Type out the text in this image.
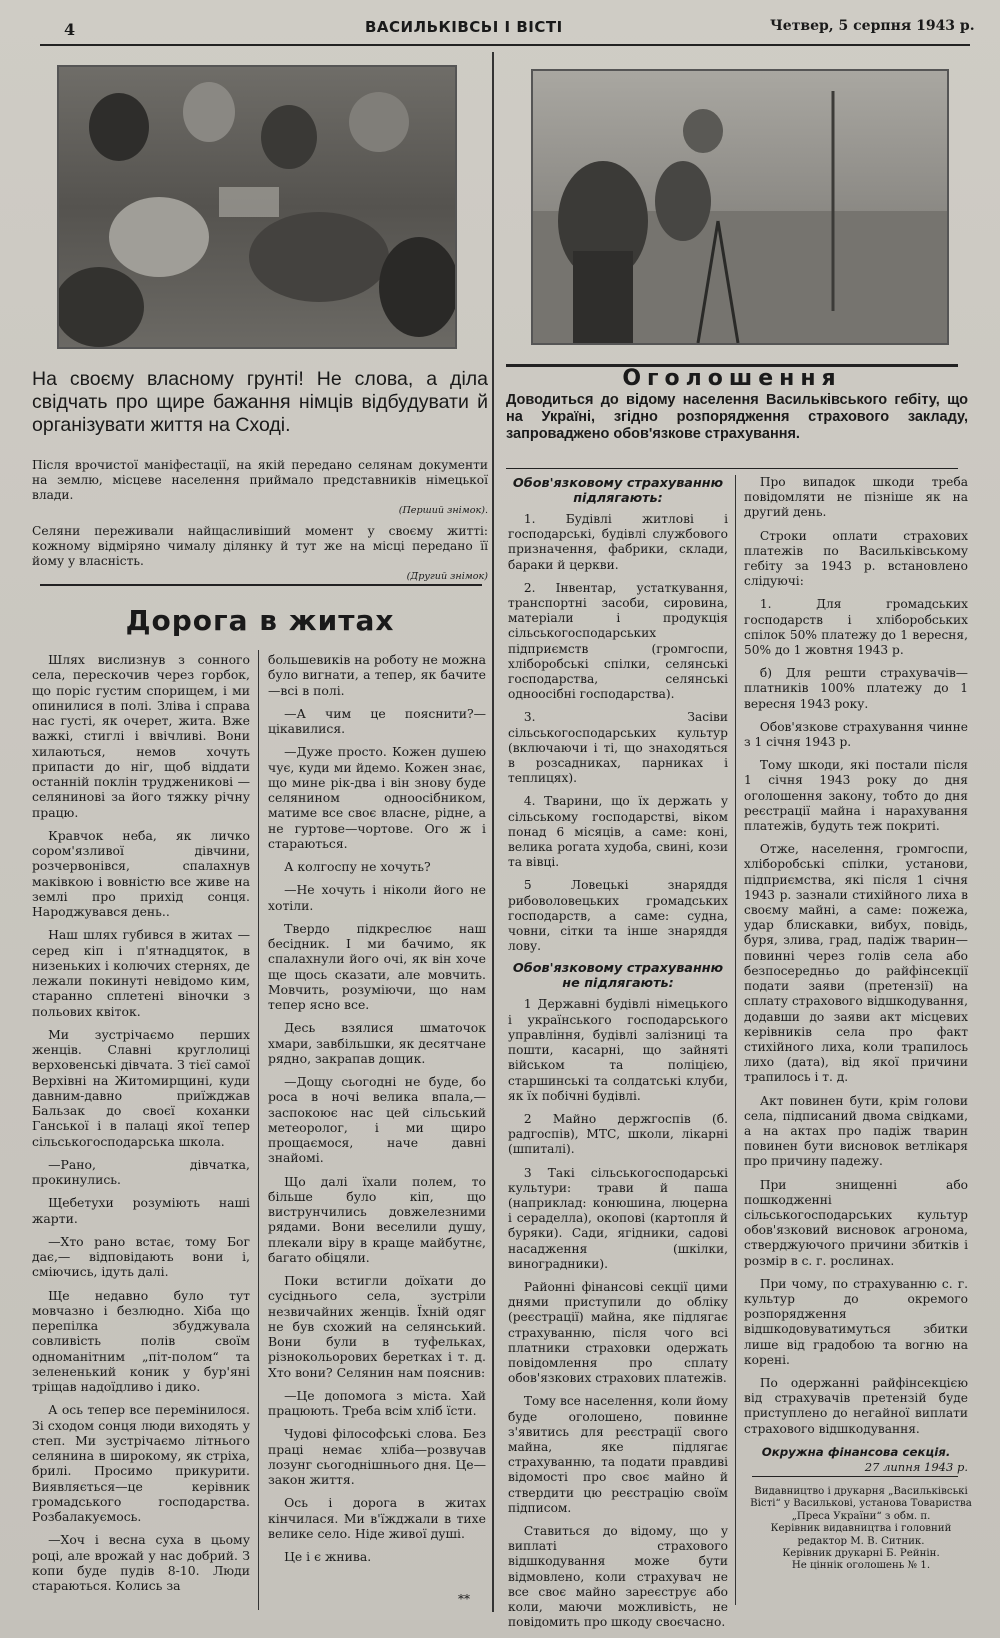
4	ВАСИЛЬКІВСЬІ І ВІСТІ	Четвер, 5 серпня 1943 р.
На своєму власному грунті! Не слова, а діла свідчать про щире бажання німців відбудувати й організувати життя на Сході.
Після врочистої маніфестації, на якій передано селянам документи на землю, місцеве населення приймало представників німецької влади.
(Перший знімок).
Селяни переживали найщасливіший момент у своєму житті: кожному відміряно чималу ділянку й тут же на місці передано її йому у власність.
(Другий знімок)
Дорога в житах

Шлях вислизнув з сонного села, перескочив через горбок, що поріс густим спорищем, і ми опинилися в полі. Зліва і справа нас густі, як очерет, жита. Вже важкі, стиглі і ввічливі. Вони хилаються, немов хочуть припасти до ніг, щоб віддати останній поклін трудженикові — селянинові за його тяжку річну працю.

Кравчок неба, як личко сором'язливої дівчини, розчервонівся, спалахнув маківкою і вовністю все живе на землі про прихід сонця. Народжувався день..

Наш шлях губився в житах — серед кіп і п'ятнадцяток, в низеньких і колючих стернях, де лежали покинуті невідомо ким, старанно сплетені віночки з польових квіток.

Ми зустрічаємо перших женців. Славні круглолиці верховенські дівчата. З тієї самої Верхівні на Житомирщині, куди давним-давно приїжджав Бальзак до своєї коханки Ганської і в палаці якої тепер сільськогосподарська школа.

—Рано, дівчатка, прокинулись.

Щебетухи розуміють наші жарти.

—Хто рано встає, тому Бог дає,— відповідають вони і, сміючись, ідуть далі.

Ще недавно було тут мовчазно і безлюдно. Хіба що перепілка збуджувала совливість полів своїм одноманітним „піт-полом“ та зелененький коник у бур'яні тріщав надоїдливо і дико.

А ось тепер все перемінилося. Зі сходом сонця люди виходять у степ. Ми зустрічаємо літнього селянина в широкому, як стріха, брилі. Просимо прикурити. Виявляється—це керівник громадського господарства. Розбалакуємось.

—Хоч і весна суха в цьому році, але врожай у нас добрий. З копи буде пудів 8-10. Люди стараються. Колись за

большевиків на роботу не можна було вигнати, а тепер, як бачите—всі в полі.

—А чим це пояснити?—цікавилися.

—Дуже просто. Кожен душею чує, куди ми йдемо. Кожен знає, що мине рік-два і він знову буде селянином одноосібником, матиме все своє власне, рідне, а не гуртове—чортове. Ого ж і стараються.

А колгоспу не хочуть?

—Не хочуть і ніколи його не хотіли.

Твердо підкреслює наш бесідник. І ми бачимо, як спалахнули його очі, як він хоче ще щось сказати, але мовчить. Мовчить, розуміючи, що нам тепер ясно все.

Десь взялися шматочок хмари, завбільшки, як десятчане рядно, закрапав дощик.

—Дощу сьогодні не буде, бо роса в ночі велика впала,—заспокоює нас цей сільський метеоролог, і ми щиро прощаємося, наче давні знайомі.

Що далі їхали полем, то більше було кіп, що виструнчились довжелезними рядами. Вони веселили душу, плекали віру в краще майбутнє, багато обіцяли.

Поки встигли доїхати до сусіднього села, зустріли незвичайних женців. Їхній одяг не був схожий на селянський. Вони були в туфельках, різнокольорових беретках і т. д. Хто вони? Селянин нам пояснив:

—Це допомога з міста. Хай працюють. Треба всім хліб їсти.

Чудові філософські слова. Без праці немає хліба—розвучав лозунг сьогоднішнього дня. Це—закон життя.

Ось і дорога в житах кінчилася. Ми в'їжджали в тихе велике село. Ніде живої душі.

Це і є жнива.

**
Оголошення
Доводиться до відому населення Васильківського гебіту, що на Україні, згідно розпорядження страхового закладу, запроваджено обов'язкове страхування.
Обов'язковому страхуванню підлягають:

1. Будівлі житлові і господарські, будівлі службового призначення, фабрики, склади, бараки й церкви.

2. Інвентар, устаткування, транспортні засоби, сировина, матеріали і продукція сільськогосподарських підприємств (громгоспи, хліборобські спілки, селянські господарства, селянські одноосібні господарства).

3. Засіви сільськогосподарських культур (включаючи і ті, що знаходяться в розсадниках, парниках і теплицях).

4. Тварини, що їх держать у сільському господарстві, віком понад 6 місяців, а саме: коні, велика рогата худоба, свині, кози та вівці.

5 Ловецькі знаряддя рибоволовецьких громадських господарств, а саме: судна, човни, сітки та інше знаряддя лову.

Обов'язковому страхуванню не підлягають:

1 Державні будівлі німецького і українського господарського управління, будівлі залізниці та пошти, касарні, що зайняті військом та поліцією, старшинські та солдатські клуби, як їх побічні будівлі.

2 Майно держгоспів (б. радгоспів), МТС, школи, лікарні (шпиталі).

3 Такі сільськогосподарські культури: трави й паша (наприклад: конюшина, люцерна і сераделла), окопові (картопля й буряки). Сади, ягідники, садові насадження (шкілки, виноградники).

Районні фінансові секції цими днями приступили до обліку (реєстрації) майна, яке підлягає страхуванню, після чого всі платники страховки одержать повідомлення про сплату обов'язкових страхових платежів.

Тому все населення, коли йому буде оголошено, повинне з'явитись для реєстрації свого майна, яке підлягає страхуванню, та подати правдиві відомості про своє майно й ствердити цю реєстрацію своїм підписом.

Ставиться до відому, що у виплаті страхового відшкодування може бути відмовлено, коли страхувач не все своє майно зареєструє або коли, маючи можливість, не повідомить про шкоду своєчасно.

Про випадок шкоди треба повідомляти не пізніше як на другий день.

Строки оплати страхових платежів по Васильківському гебіту за 1943 р. встановлено слідуючі:

1. Для громадських господарств і хліборобських спілок 50% платежу до 1 вересня, 50% до 1 жовтня 1943 р.

б) Для решти страхувачів— платників 100% платежу до 1 вересня 1943 року.

Обов'язкове страхування чинне з 1 січня 1943 р.

Тому шкоди, які постали після 1 січня 1943 року до дня оголошення закону, тобто до дня реєстрації майна і нарахування платежів, будуть теж покриті.

Отже, населення, громгоспи, хліборобські спілки, установи, підприємства, які після 1 січня 1943 р. зазнали стихійного лиха в своєму майні, а саме: пожежа, удар блискавки, вибух, повідь, буря, злива, град, падіж тварин—повинні через голів села або безпосередньо до райфінсекції подати заяви (претензії) на сплату страхового відшкодування, додавши до заяви акт місцевих керівників села про факт стихійного лиха, коли трапилось лихо (дата), від якої причини трапилось і т. д.

Акт повинен бути, крім голови села, підписаний двома свідками, а на актах про падіж тварин повинен бути висновок ветлікаря про причину падежу.

При знищенні або пошкодженні сільськогосподарських культур обов'язковий висновок агронома, стверджуючого причини збитків і розмір в с. г. рослинах.

При чому, по страхуванню с. г. культур до окремого розпорядження відшкодовуватимуться збитки лише від градобою та вогню на корені.

По одержанні райфінсекцією від страхувачів претензій буде приступлено до негайної виплати страхового відшкодування.

Окружна фінансова секція.
27 липня 1943 р.
Видавництво і друкарня „Васильківські Вісті“ у Василькові, установа Товариства „Преса України“ з обм. п.
Керівник видавництва і головний редактор М. В. Ситник.
Керівник друкарні Б. Рейнін.
Не ціннік оголошень № 1.
